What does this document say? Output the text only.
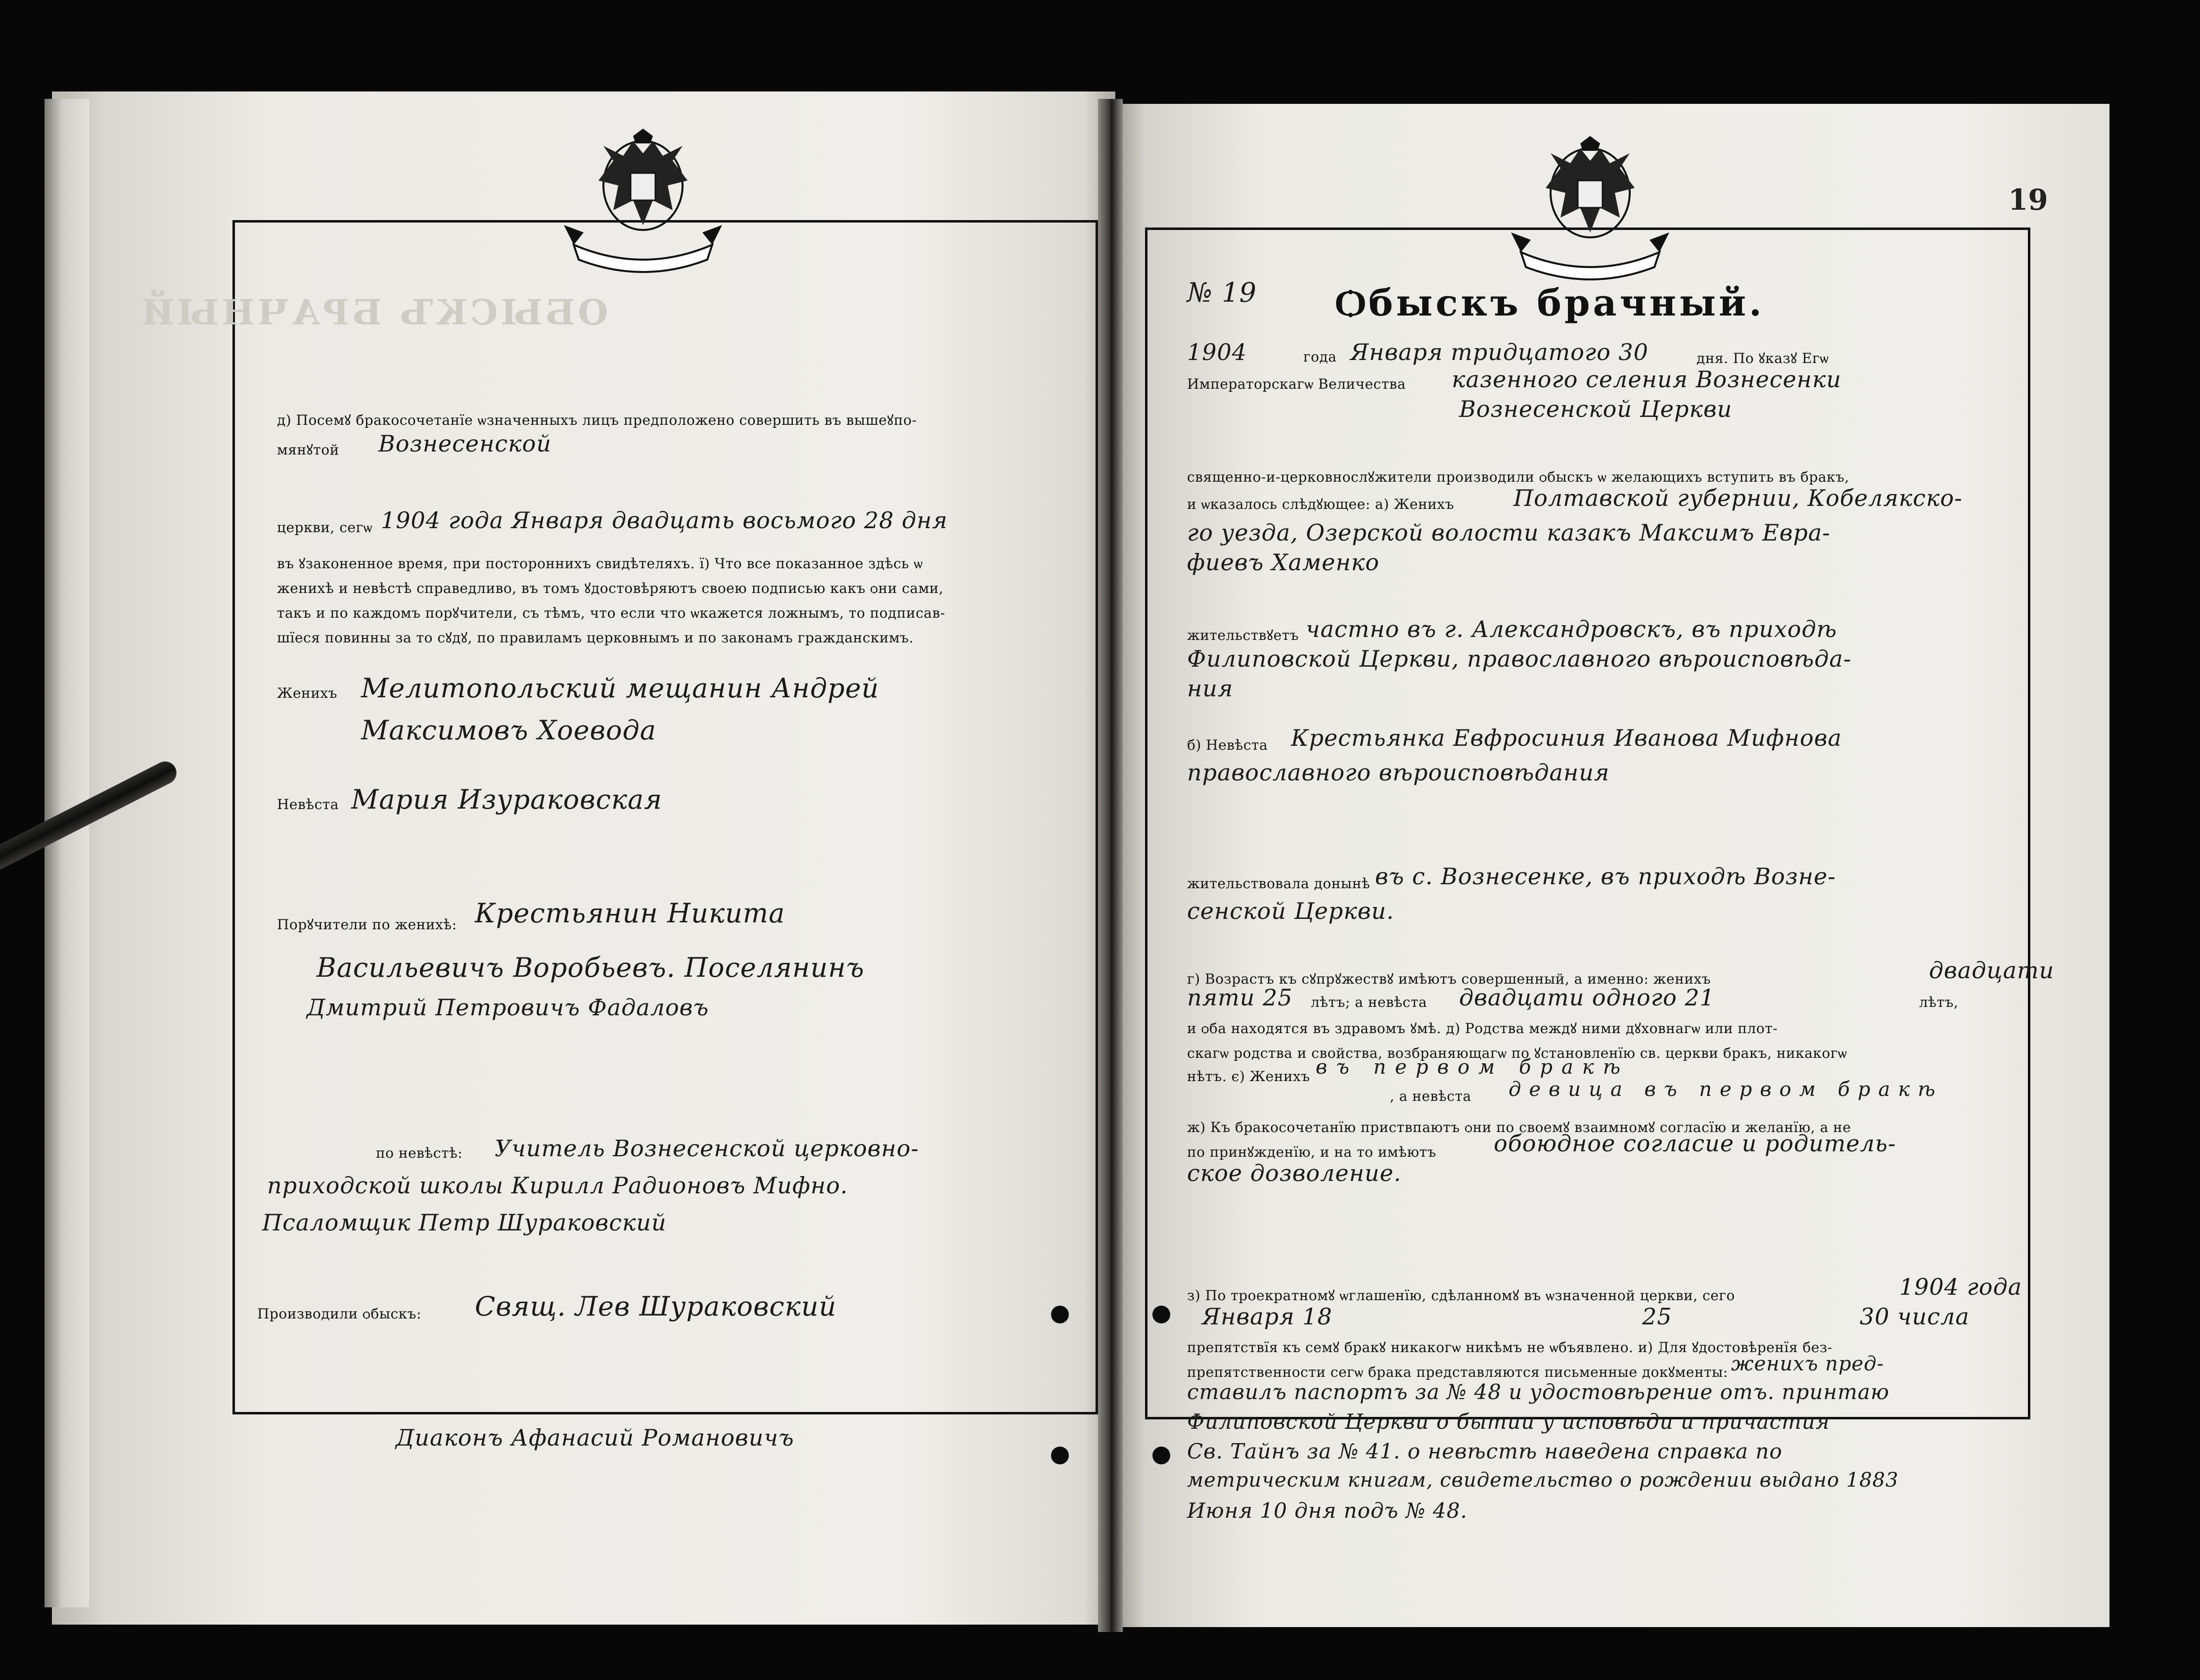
ОБЫСКЪ БРАЧНЫЙ
д) Посемꙋ бракосочетанїе ѡзначенныхъ лицъ предположено совершить въ вышеꙋпо-
мянꙋтой Вознесенской
церкви, сегѡ 1904 года Января двадцать восьмого 28 дня
въ ꙋзаконенное время, при постороннихъ свидѣтеляхъ. ї) Что все показанное здѣсь ѡ
женихѣ и невѣстѣ справедливо, въ томъ ꙋдостовѣряютъ своею подписью какъ ѻни сами,
такъ и по каждомъ порꙋчители, съ тѣмъ, что если что ѡкажется ложнымъ, то подписав-
шїеся повинны за то сꙋдꙋ, по правиламъ церковнымъ и по законамъ гражданскимъ.
Женихъ Мелитопольский мещанин Андрей
Максимовъ Хоевода
Невѣста Мария Изураковская
Порꙋчители по женихѣ: Крестьянин Никита
Васильевичъ Воробьевъ. Поселянинъ
Дмитрий Петровичъ Фадаловъ
по невѣстѣ: Учитель Вознесенской церковно-
приходской школы Кирилл Радионовъ Мифно.
Псаломщик Петр Шураковский
Производили ѻбыскъ: Свящ. Лев Шураковский
Диаконъ Афанасий Романовичъ
19
№ 19 Ѻбыскъ брачный.
1904	года Января тридцатого 30	дня. По ꙋказꙋ Егѡ
Императорскагѡ Величества казенного селения Вознесенки
Вознесенской Церкви
священно-и-церковнослꙋжители производили ѻбыскъ ѡ желающихъ вступить въ бракъ,
и ѡказалось слѣдꙋющее: а) Женихъ	Полтавской губернии, Кобелякско-
го уезда, Озерской волости казакъ Максимъ Евра-
фиевъ Хаменко
жительствꙋетъ частно въ г. Александровскъ, въ приходѣ
Филиповской Церкви, православного вѣроисповѣда-
ния
б) Невѣста Крестьянка Евфросиния Иванова Мифнова
православного вѣроисповѣдания
жительствовала донынѣ въ с. Вознесенке, въ приходѣ Возне-
сенской Церкви.
г) Возрастъ къ сꙋпрꙋжествꙋ имѣютъ совершенный, а именно: женихъ	двадцати
пяти 25 лѣтъ; а невѣста двадцати одного 21	лѣтъ,
и ѻба находятся въ здравомъ ꙋмѣ. д) Родства междꙋ ними дꙋховнагѡ или плот-
скагѡ родства и свойства, возбраняющагѡ по ꙋстановленїю св. церкви бракъ, никакогѡ
нѣтъ. є) Женихъ въ первом бракѣ
, а невѣста девица въ первом бракѣ
ж) Къ бракосочетанїю приствпаютъ ѻни по своемꙋ взаимномꙋ согласїю и желанїю, а не
по принꙋжденїю, и на то имѣютъ	обоюдное согласие и родитель-
ское дозволение.
з) По троекратномꙋ ѡглашенїю, сдѣланномꙋ въ ѡзначенной церкви, сего	1904 года
Января 18	25	30 числа
препятствїя къ семꙋ бракꙋ никакогѡ никѣмъ не ѡбъявлено. и) Для ꙋдостовѣренїя без-
препятственности сегѡ брака представляются письменные докꙋменты: женихъ пред-
ставилъ паспортъ за № 48 и удостовѣрение отъ. принтаю
Филиповской Церкви о бытии у исповѣди и причастия
Св. Тайнъ за № 41. о невѣстѣ наведена справка по
метрическим книгам, свидетельство о рождении выдано 1883
Июня 10 дня подъ № 48.
